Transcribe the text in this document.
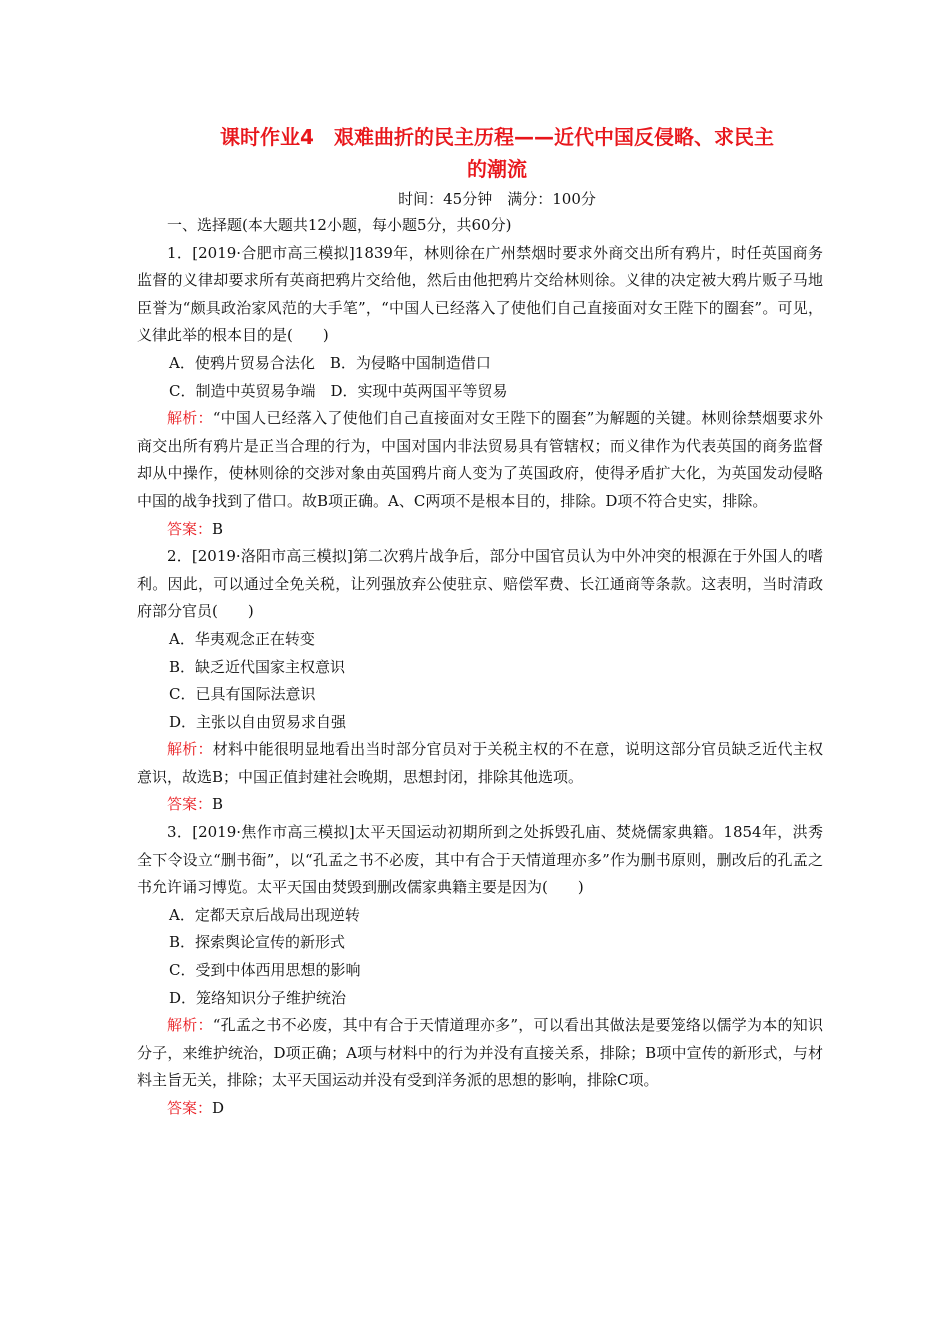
课时作业4　艰难曲折的民主历程——近代中国反侵略、求民主
的潮流
时间：45分钟　满分：100分

一、选择题(本大题共12小题，每小题5分，共60分)

1．[2019·合肥市高三模拟]1839年，林则徐在广州禁烟时要求外商交出所有鸦片，时任英国商务监督的义律却要求所有英商把鸦片交给他，然后由他把鸦片交给林则徐。义律的决定被大鸦片贩子马地臣誉为“颇具政治家风范的大手笔”，“中国人已经落入了使他们自己直接面对女王陛下的圈套”。可见，义律此举的根本目的是(　　)

A．使鸦片贸易合法化　B．为侵略中国制造借口

C．制造中英贸易争端　D．实现中英两国平等贸易

解析：“中国人已经落入了使他们自己直接面对女王陛下的圈套”为解题的关键。林则徐禁烟要求外商交出所有鸦片是正当合理的行为，中国对国内非法贸易具有管辖权；而义律作为代表英国的商务监督却从中操作，使林则徐的交涉对象由英国鸦片商人变为了英国政府，使得矛盾扩大化，为英国发动侵略中国的战争找到了借口。故B项正确。A、C两项不是根本目的，排除。D项不符合史实，排除。

答案：B

2．[2019·洛阳市高三模拟]第二次鸦片战争后，部分中国官员认为中外冲突的根源在于外国人的嗜利。因此，可以通过全免关税，让列强放弃公使驻京、赔偿军费、长江通商等条款。这表明，当时清政府部分官员(　　)

A．华夷观念正在转变

B．缺乏近代国家主权意识

C．已具有国际法意识

D．主张以自由贸易求自强

解析：材料中能很明显地看出当时部分官员对于关税主权的不在意，说明这部分官员缺乏近代主权意识，故选B；中国正值封建社会晚期，思想封闭，排除其他选项。

答案：B

3．[2019·焦作市高三模拟]太平天国运动初期所到之处拆毁孔庙、焚烧儒家典籍。1854年，洪秀全下令设立“删书衙”，以“孔孟之书不必废，其中有合于天情道理亦多”作为删书原则，删改后的孔孟之书允许诵习博览。太平天国由焚毁到删改儒家典籍主要是因为(　　)

A．定都天京后战局出现逆转

B．探索舆论宣传的新形式

C．受到中体西用思想的影响

D．笼络知识分子维护统治

解析：“孔孟之书不必废，其中有合于天情道理亦多”，可以看出其做法是要笼络以儒学为本的知识分子，来维护统治，D项正确；A项与材料中的行为并没有直接关系，排除；B项中宣传的新形式，与材料主旨无关，排除；太平天国运动并没有受到洋务派的思想的影响，排除C项。

答案：D
